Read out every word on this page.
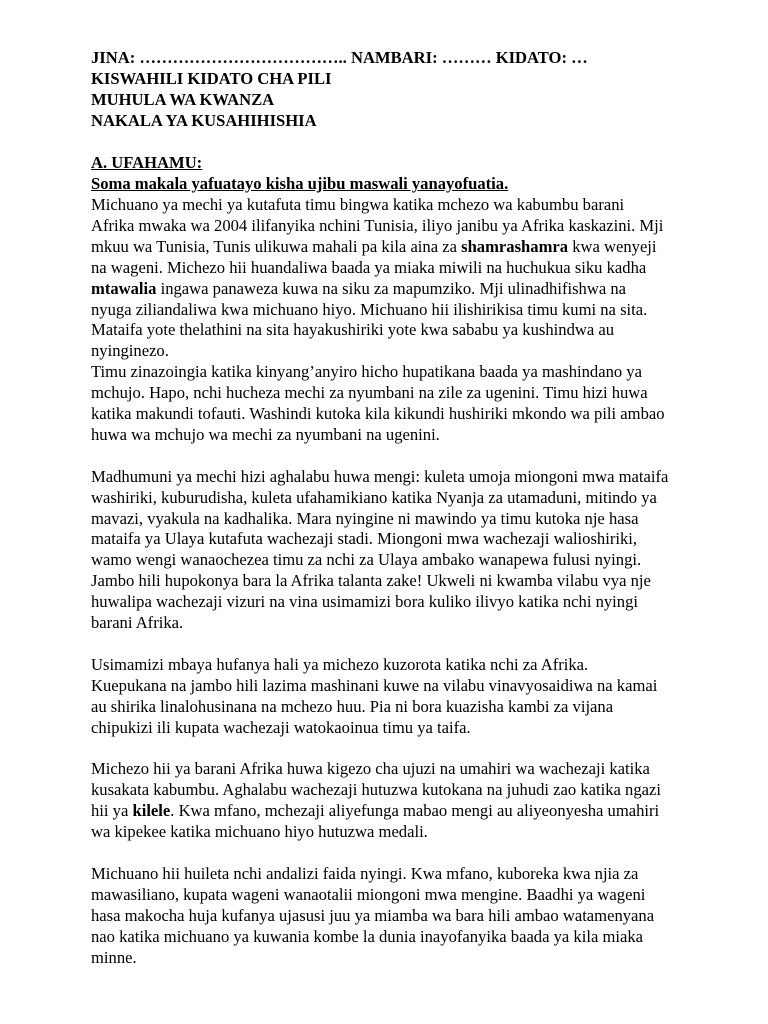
JINA: ……………………………….. NAMBARI: ……… KIDATO: …
KISWAHILI KIDATO CHA PILI
MUHULA WA KWANZA
NAKALA YA KUSAHIHISHIA
A. UFAHAMU:
Soma makala yafuatayo kisha ujibu maswali yanayofuatia.
Michuano ya mechi ya kutafuta timu bingwa katika mchezo wa kabumbu barani
Afrika mwaka wa 2004 ilifanyika nchini Tunisia, iliyo janibu ya Afrika kaskazini. Mji
mkuu wa Tunisia, Tunis ulikuwa mahali pa kila aina za shamrashamra kwa wenyeji
na wageni. Michezo hii huandaliwa baada ya miaka miwili na huchukua siku kadha
mtawalia ingawa panaweza kuwa na siku za mapumziko. Mji ulinadhifishwa na
nyuga ziliandaliwa kwa michuano hiyo. Michuano hii ilishirikisa timu kumi na sita.
Mataifa yote thelathini na sita hayakushiriki yote kwa sababu ya kushindwa au
nyinginezo.
Timu zinazoingia katika kinyang’anyiro hicho hupatikana baada ya mashindano ya
mchujo. Hapo, nchi hucheza mechi za nyumbani na zile za ugenini. Timu hizi huwa
katika makundi tofauti. Washindi kutoka kila kikundi hushiriki mkondo wa pili ambao
huwa wa mchujo wa mechi za nyumbani na ugenini.
Madhumuni ya mechi hizi aghalabu huwa mengi: kuleta umoja miongoni mwa mataifa
washiriki, kuburudisha, kuleta ufahamikiano katika Nyanja za utamaduni, mitindo ya
mavazi, vyakula na kadhalika. Mara nyingine ni mawindo ya timu kutoka nje hasa
mataifa ya Ulaya kutafuta wachezaji stadi. Miongoni mwa wachezaji walioshiriki,
wamo wengi wanaochezea timu za nchi za Ulaya ambako wanapewa fulusi nyingi.
Jambo hili hupokonya bara la Afrika talanta zake! Ukweli ni kwamba vilabu vya nje
huwalipa wachezaji vizuri na vina usimamizi bora kuliko ilivyo katika nchi nyingi
barani Afrika.
Usimamizi mbaya hufanya hali ya michezo kuzorota katika nchi za Afrika.
Kuepukana na jambo hili lazima mashinani kuwe na vilabu vinavyosaidiwa na kamai
au shirika linalohusinana na mchezo huu. Pia ni bora kuazisha kambi za vijana
chipukizi ili kupata wachezaji watokaoinua timu ya taifa.
Michezo hii ya barani Afrika huwa kigezo cha ujuzi na umahiri wa wachezaji katika
kusakata kabumbu. Aghalabu wachezaji hutuzwa kutokana na juhudi zao katika ngazi
hii ya kilele. Kwa mfano, mchezaji aliyefunga mabao mengi au aliyeonyesha umahiri
wa kipekee katika michuano hiyo hutuzwa medali.
Michuano hii huileta nchi andalizi faida nyingi. Kwa mfano, kuboreka kwa njia za
mawasiliano, kupata wageni wanaotalii miongoni mwa mengine. Baadhi ya wageni
hasa makocha huja kufanya ujasusi juu ya miamba wa bara hili ambao watamenyana
nao katika michuano ya kuwania kombe la dunia inayofanyika baada ya kila miaka
minne.
